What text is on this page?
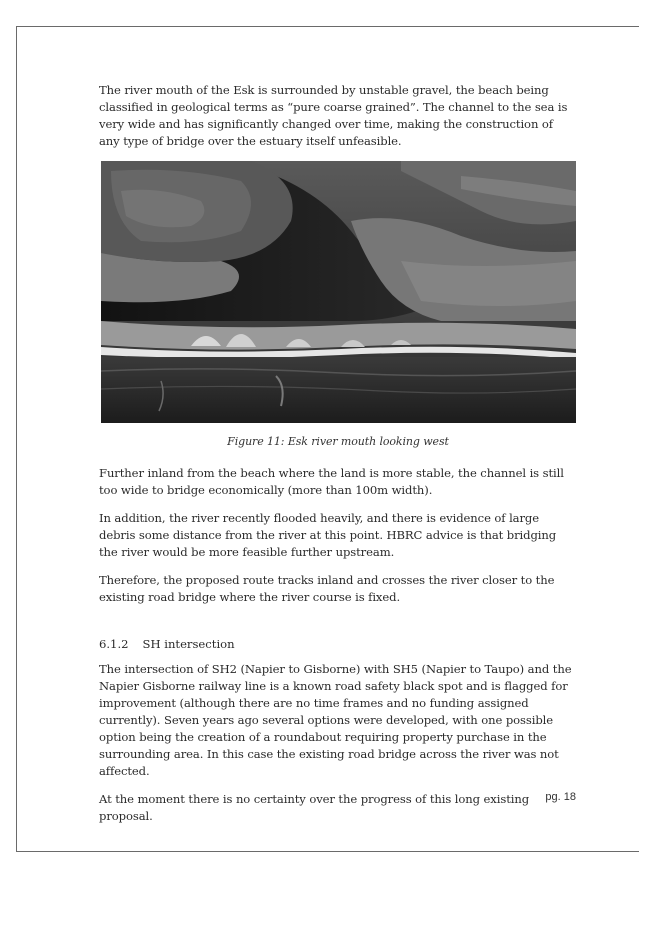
The river mouth of the Esk is surrounded by unstable gravel, the beach being classified in geological terms as “pure coarse grained”. The channel to the sea is very wide and has significantly changed over time, making the construction of any type of bridge over the estuary itself unfeasible.

Figure 11: Esk river mouth looking west

Further inland from the beach where the land is more stable, the channel is still too wide to bridge economically (more than 100m width).

In addition, the river recently flooded heavily, and there is evidence of large debris some distance from the river at this point. HBRC advice is that bridging the river would be more feasible further upstream.

Therefore, the proposed route tracks inland and crosses the river closer to the existing road bridge where the river course is fixed.

6.1.2 SH intersection

The intersection of SH2 (Napier to Gisborne) with SH5 (Napier to Taupo) and the Napier Gisborne railway line is a known road safety black spot and is flagged for improvement (although there are no time frames and no funding assigned currently). Seven years ago several options were developed, with one possible option being the creation of a roundabout requiring property purchase in the surrounding area. In this case the existing road bridge across the river was not affected.

At the moment there is no certainty over the progress of this long existing proposal.

pg. 18
